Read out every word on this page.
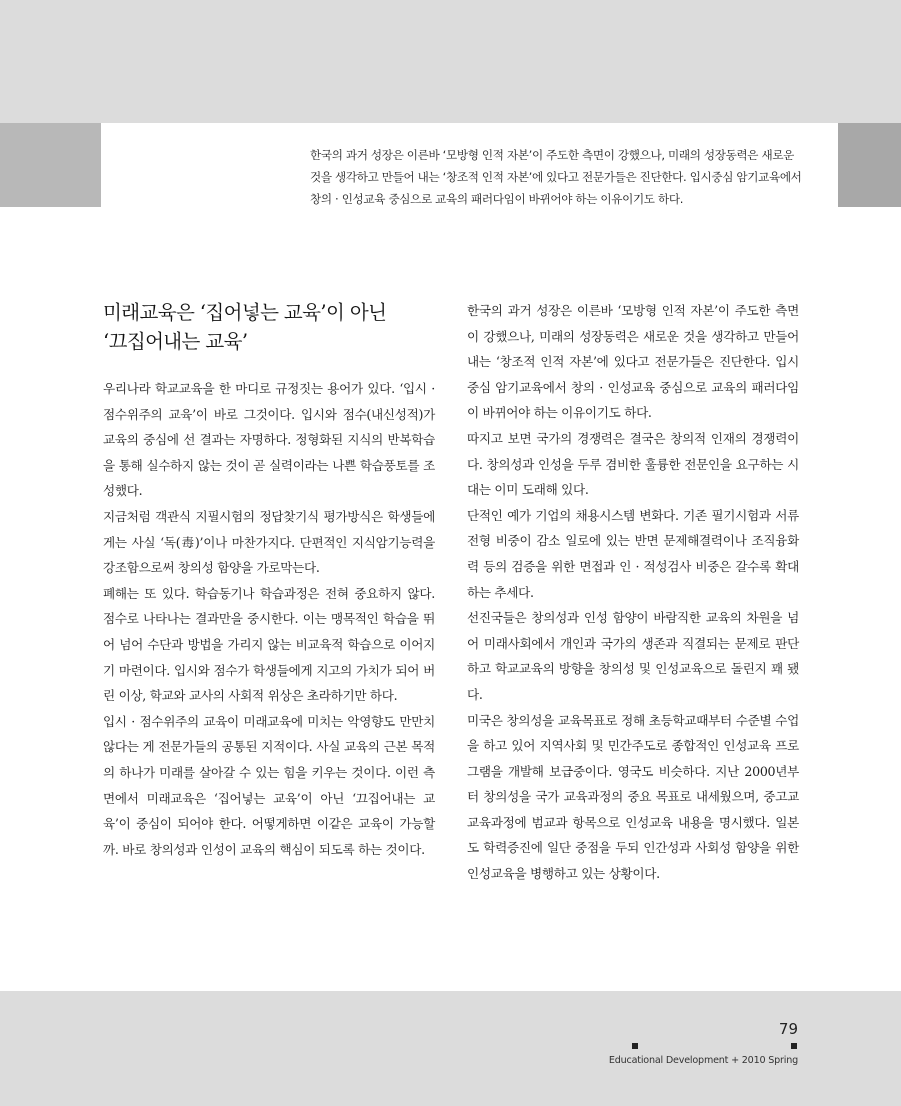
한국의 과거 성장은 이른바 ‘모방형 인적 자본’이 주도한 측면이 강했으나, 미래의 성장동력은 새로운 것을 생각하고 만들어 내는 ‘창조적 인적 자본’에 있다고 전문가들은 진단한다. 입시중심 암기교육에서 창의 · 인성교육 중심으로 교육의 패러다임이 바뀌어야 하는 이유이기도 하다.
미래교육은 ‘집어넣는 교육’이 아닌
‘끄집어내는 교육’

우리나라 학교교육을 한 마디로 규정짓는 용어가 있다. ‘입시 · 점수위주의 교육’이 바로 그것이다. 입시와 점수(내신성적)가 교육의 중심에 선 결과는 자명하다. 정형화된 지식의 반복학습을 통해 실수하지 않는 것이 곧 실력이라는 나쁜 학습풍토를 조성했다.

지금처럼 객관식 지필시험의 정답찾기식 평가방식은 학생들에게는 사실 ‘독(毒)’이나 마찬가지다. 단편적인 지식암기능력을 강조함으로써 창의성 함양을 가로막는다.

폐해는 또 있다. 학습동기나 학습과정은 전혀 중요하지 않다. 점수로 나타나는 결과만을 중시한다. 이는 맹목적인 학습을 뛰어 넘어 수단과 방법을 가리지 않는 비교육적 학습으로 이어지기 마련이다. 입시와 점수가 학생들에게 지고의 가치가 되어 버린 이상, 학교와 교사의 사회적 위상은 초라하기만 하다.

입시 · 점수위주의 교육이 미래교육에 미치는 악영향도 만만치 않다는 게 전문가들의 공통된 지적이다. 사실 교육의 근본 목적의 하나가 미래를 살아갈 수 있는 힘을 키우는 것이다. 이런 측면에서 미래교육은 ‘집어넣는 교육’이 아닌 ‘끄집어내는 교육’이 중심이 되어야 한다. 어떻게하면 이같은 교육이 가능할까. 바로 창의성과 인성이 교육의 핵심이 되도록 하는 것이다.

한국의 과거 성장은 이른바 ‘모방형 인적 자본’이 주도한 측면이 강했으나, 미래의 성장동력은 새로운 것을 생각하고 만들어 내는 ‘창조적 인적 자본’에 있다고 전문가들은 진단한다. 입시중심 암기교육에서 창의 · 인성교육 중심으로 교육의 패러다임이 바뀌어야 하는 이유이기도 하다.

따지고 보면 국가의 경쟁력은 결국은 창의적 인재의 경쟁력이다. 창의성과 인성을 두루 겸비한 훌륭한 전문인을 요구하는 시대는 이미 도래해 있다.

단적인 예가 기업의 채용시스템 변화다. 기존 필기시험과 서류전형 비중이 감소 일로에 있는 반면 문제해결력이나 조직융화력 등의 검증을 위한 면접과 인 · 적성검사 비중은 갈수록 확대하는 추세다.

선진국들은 창의성과 인성 함양이 바람직한 교육의 차원을 넘어 미래사회에서 개인과 국가의 생존과 직결되는 문제로 판단하고 학교교육의 방향을 창의성 및 인성교육으로 돌린지 꽤 됐다.

미국은 창의성을 교육목표로 정해 초등학교때부터 수준별 수업을 하고 있어 지역사회 및 민간주도로 종합적인 인성교육 프로그램을 개발해 보급중이다. 영국도 비슷하다. 지난 2000년부터 창의성을 국가 교육과정의 중요 목표로 내세웠으며, 중고교 교육과정에 범교과 항목으로 인성교육 내용을 명시했다. 일본도 학력증진에 일단 중점을 두되 인간성과 사회성 함양을 위한 인성교육을 병행하고 있는 상황이다.

79
Educational Development + 2010 Spring
